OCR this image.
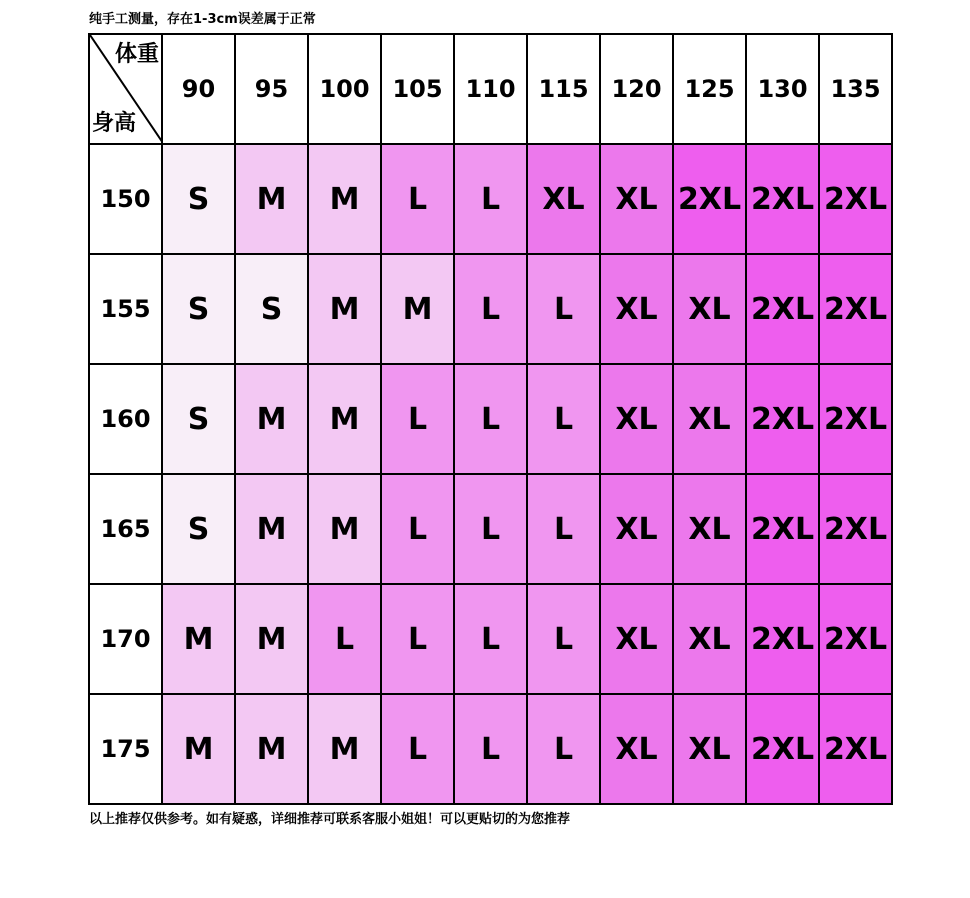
纯手工测量，存在1-3cm误差属于正常
体重
身高	90	95	100	105	110	115	120	125	130	135
150	S	M	M	L	L	XL	XL	2XL	2XL	2XL
155	S	S	M	M	L	L	XL	XL	2XL	2XL
160	S	M	M	L	L	L	XL	XL	2XL	2XL
165	S	M	M	L	L	L	XL	XL	2XL	2XL
170	M	M	L	L	L	L	XL	XL	2XL	2XL
175	M	M	M	L	L	L	XL	XL	2XL	2XL
以上推荐仅供参考。如有疑惑，详细推荐可联系客服小姐姐！可以更贴切的为您推荐
